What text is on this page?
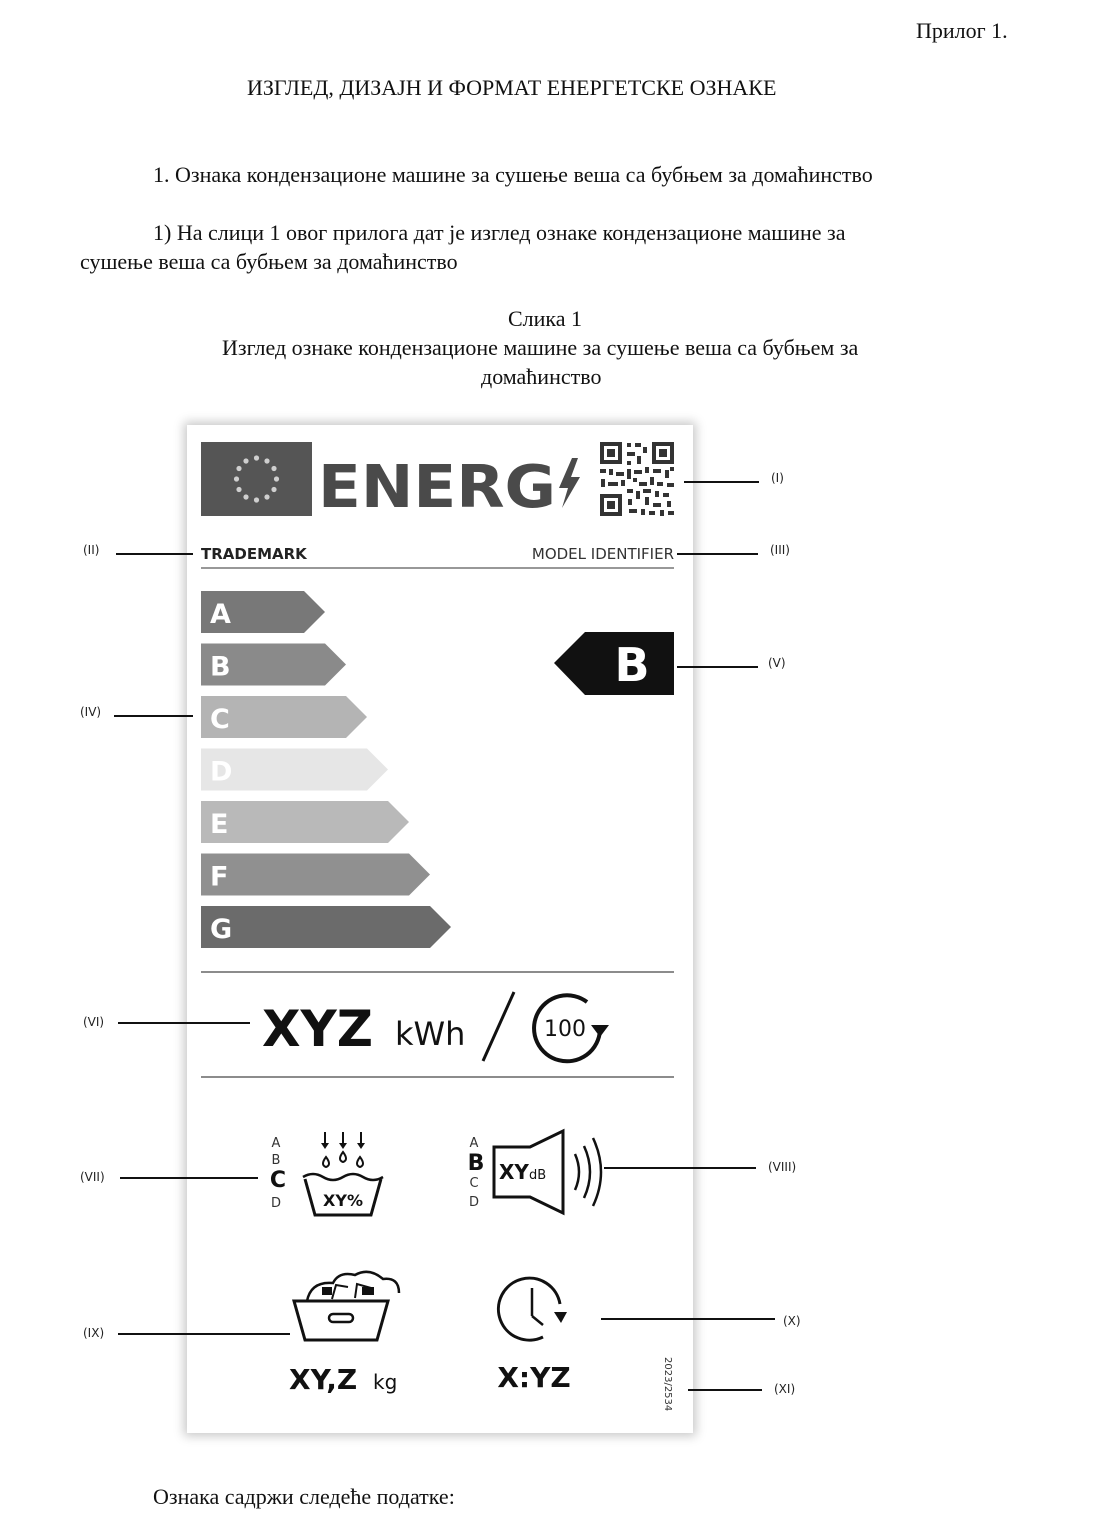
Прилог 1.
ИЗГЛЕД, ДИЗАЈН И ФОРМАТ ЕНЕРГЕТСКЕ ОЗНАКЕ
1. Ознака кондензационе машине за сушење веша са бубњем за домаћинство
1) На слици 1 овог прилога дат је изглед ознаке кондензационе машине за
сушење веша са бубњем за домаћинство
Слика 1
Изглед ознаке кондензационе машине за сушење веша са бубњем за
домаћинство
ENERG
TRADEMARK	MODEL IDENTIFIER
A
B
C
D
E
F
G
B
XYZ kWh	100
A
B
C
D	XY%
A
B
C
D
XY dB
XY,Z kg	X:YZ	2023/2534
(I)
(II)	(III)
(IV)
(V)
(VI)
(VII)
(VIII)
(IX)
(X)
(XI)
Ознака садржи следеће податке:
